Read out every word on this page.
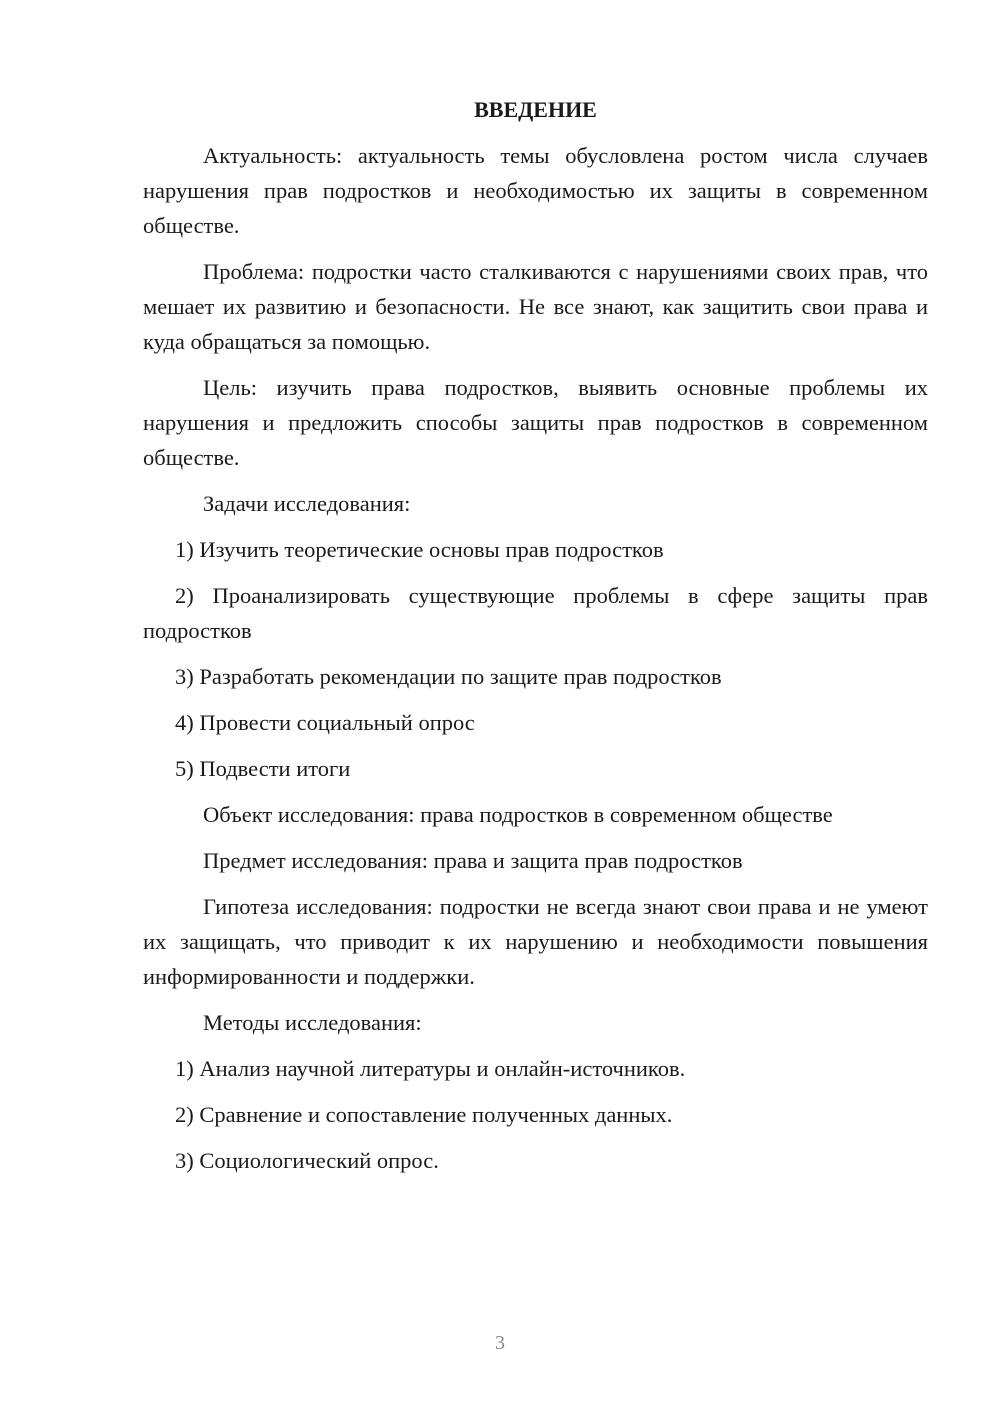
ВВЕДЕНИЕ

Актуальность: актуальность темы обусловлена ростом числа случаев нарушения прав подростков и необходимостью их защиты в современном обществе.

Проблема: подростки часто сталкиваются с нарушениями своих прав, что мешает их развитию и безопасности. Не все знают, как защитить свои права и куда обращаться за помощью.

Цель: изучить права подростков, выявить основные проблемы их нарушения и предложить способы защиты прав подростков в современном обществе.

Задачи исследования:

1) Изучить теоретические основы прав подростков

2) Проанализировать существующие проблемы в сфере защиты прав подростков

3) Разработать рекомендации по защите прав подростков

4) Провести социальный опрос

5) Подвести итоги

Объект исследования: права подростков в современном обществе

Предмет исследования: права и защита прав подростков

Гипотеза исследования: подростки не всегда знают свои права и не умеют их защищать, что приводит к их нарушению и необходимости повышения информированности и поддержки.

Методы исследования:

1) Анализ научной литературы и онлайн-источников.

2) Сравнение и сопоставление полученных данных.

3) Социологический опрос.

3
